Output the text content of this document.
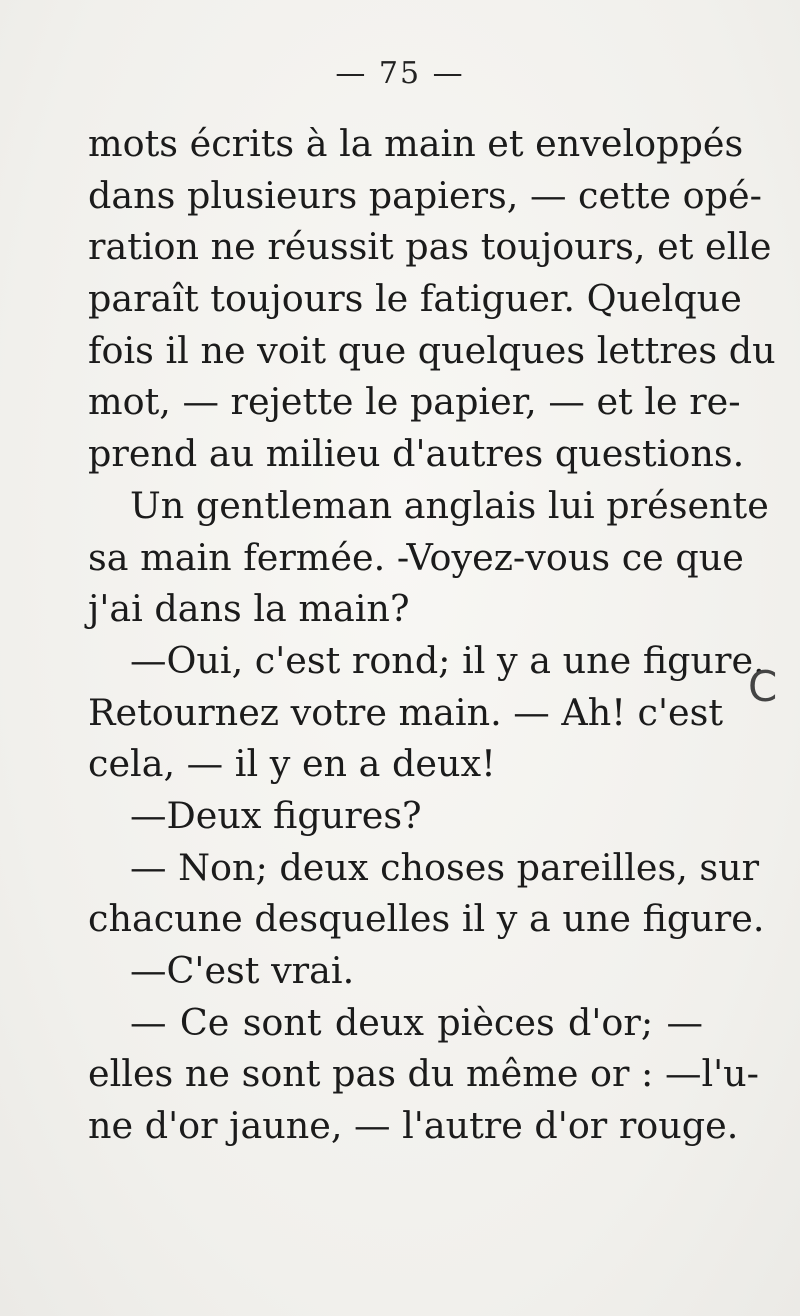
— 75 —
mots écrits à la main et enveloppés
dans plusieurs papiers, — cette opé-
ration ne réussit pas toujours, et elle
paraît toujours le fatiguer. Quelque
fois il ne voit que quelques lettres du
mot, — rejette le papier, — et le re-
prend au milieu d'autres questions.
Un gentleman anglais lui présente
sa main fermée. -Voyez-vous ce que
j'ai dans la main?
—Oui, c'est rond; il y a une figure.
Retournez votre main. — Ah! c'est
cela, — il y en a deux!
—Deux figures?
— Non; deux choses pareilles, sur
chacune desquelles il y a une figure.
—C'est vrai.
— Ce sont deux pièces d'or; —
elles ne sont pas du même or : —l'u-
ne d'or jaune, — l'autre d'or rouge.
C
